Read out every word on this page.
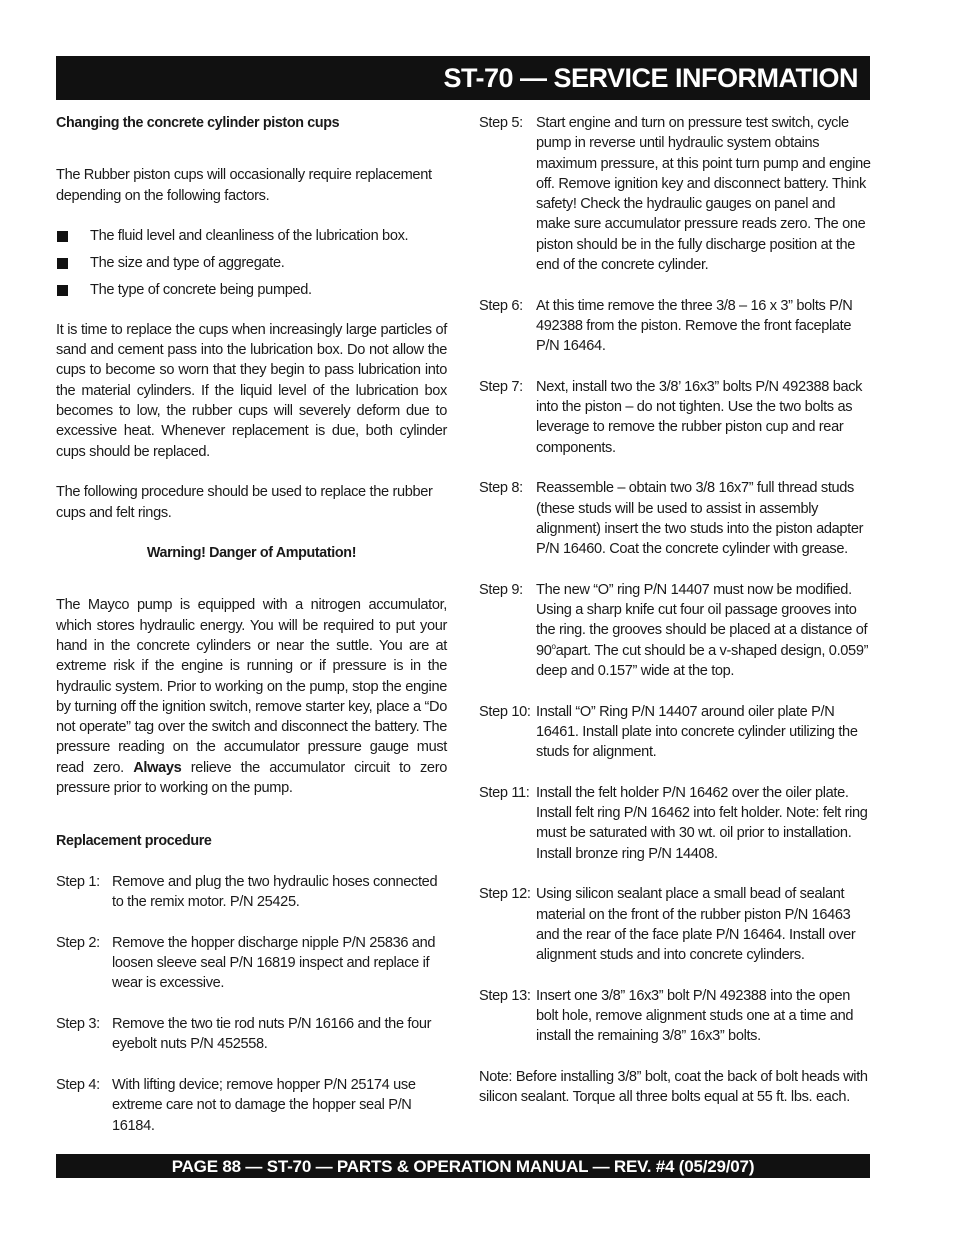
ST-70 — SERVICE INFORMATION

Changing the concrete cylinder piston cups

The Rubber piston cups will occasionally require replacement depending on the following factors.

The fluid level and cleanliness of the lubrication box.
The size and type of aggregate.
The type of concrete being pumped.

It is time to replace the cups when increasingly large particles of sand and cement pass into the lubrication box. Do not allow the cups to become so worn that they begin to pass lubrication into the material cylinders. If the liquid level of the lubrication box becomes to low, the rubber cups will severely deform due to excessive heat. Whenever replacement is due, both cylinder cups should be replaced.

The following procedure should be used to replace the rubber cups and felt rings.

Warning! Danger of Amputation!

The Mayco pump is equipped with a nitrogen accumulator, which stores hydraulic energy. You will be required to put your hand in the concrete cylinders or near the suttle. You are at extreme risk if the engine is running or if pressure is in the hydraulic system. Prior to working on the pump, stop the engine by turning off the ignition switch, remove starter key, place a “Do not operate” tag over the switch and disconnect the battery. The pressure reading on the accumulator pressure gauge must read zero. Always relieve the accumulator circuit to zero pressure prior to working on the pump.

Replacement procedure

Step 1: Remove and plug the two hydraulic hoses connected to the remix motor. P/N 25425.

Step 2: Remove the hopper discharge nipple P/N 25836 and loosen sleeve seal P/N 16819 inspect and replace if wear is excessive.

Step 3: Remove the two tie rod nuts P/N 16166 and the four eyebolt nuts P/N 452558.

Step 4: With lifting device; remove hopper P/N 25174 use extreme care not to damage the hopper seal P/N 16184.

Step 5: Start engine and turn on pressure test switch, cycle pump in reverse until hydraulic system obtains maximum pressure, at this point turn pump and engine off. Remove ignition key and disconnect battery. Think safety! Check the hydraulic gauges on panel and make sure accumulator pressure reads zero. The one piston should be in the fully discharge position at the end of the concrete cylinder.

Step 6: At this time remove the three 3/8 – 16 x 3” bolts P/N 492388 from the piston. Remove the front faceplate P/N 16464.

Step 7: Next, install two the 3/8’ 16x3” bolts P/N 492388 back into the piston – do not tighten. Use the two bolts as leverage to remove the rubber piston cup and rear components.

Step 8: Reassemble – obtain two 3/8 16x7” full thread studs (these studs will be used to assist in assembly alignment) insert the two studs into the piston adapter P/N 16460. Coat the concrete cylinder with grease.

Step 9: The new “O” ring P/N 14407 must now be modified. Using a sharp knife cut four oil passage grooves into the ring. the grooves should be placed at a distance of 90$^o$apart. The cut should be a v-shaped design, 0.059” deep and 0.157” wide at the top.

Step 10: Install “O” Ring P/N 14407 around oiler plate P/N 16461. Install plate into concrete cylinder utilizing the studs for alignment.

Step 11: Install the felt holder P/N 16462 over the oiler plate. Install felt ring P/N 16462 into felt holder. Note: felt ring must be saturated with 30 wt. oil prior to installation. Install bronze ring P/N 14408.

Step 12: Using silicon sealant place a small bead of sealant material on the front of the rubber piston P/N 16463 and the rear of the face plate P/N 16464. Install over alignment studs and into concrete cylinders.

Step 13: Insert one 3/8” 16x3” bolt P/N 492388 into the open bolt hole, remove alignment studs one at a time and install the remaining 3/8” 16x3” bolts.

Note: Before installing 3/8” bolt, coat the back of bolt heads with silicon sealant. Torque all three bolts equal at 55 ft. lbs. each.

PAGE 88 — ST-70 — PARTS & OPERATION MANUAL — REV. #4 (05/29/07)
